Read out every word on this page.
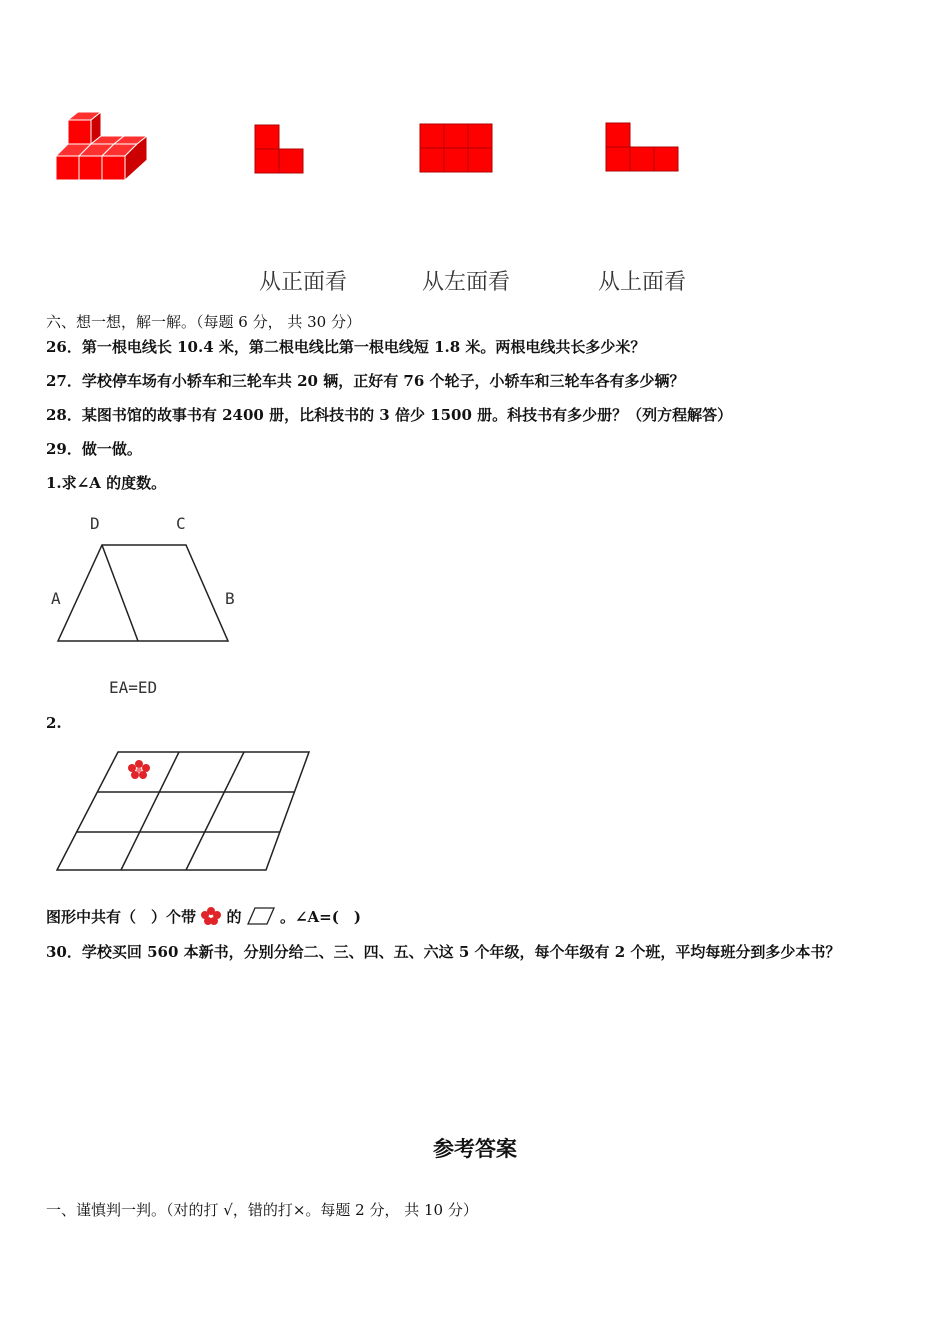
从正面看	从左面看	从上面看
六、想一想，解一解。（每题 6 分， 共 30 分）
26．第一根电线长 10.4 米，第二根电线比第一根电线短 1.8 米。两根电线共长多少米？
27．学校停车场有小轿车和三轮车共 20 辆，正好有 76 个轮子，小轿车和三轮车各有多少辆？
28．某图书馆的故事书有 2400 册，比科技书的 3 倍少 1500 册。科技书有多少册？（列方程解答）
29．做一做。
1.求∠A 的度数。
D	C
A	B
EA=ED
2.
图形中共有（　）个带 的	。∠A=(　)
30．学校买回 560 本新书，分别分给二、三、四、五、六这 5 个年级，每个年级有 2 个班，平均每班分到多少本书？
参考答案
一、谨慎判一判。（对的打 √，错的打×。每题 2 分， 共 10 分）
